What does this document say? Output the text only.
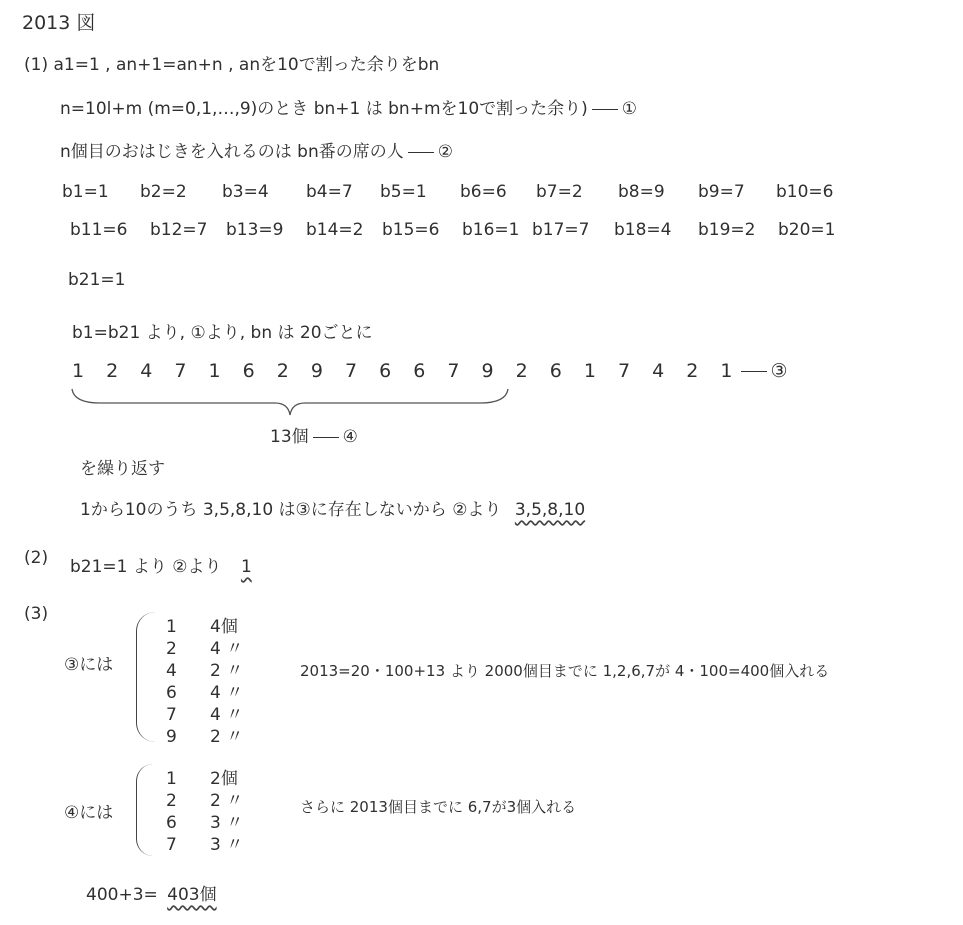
2013 図
(1) a1=1 , an+1=an+n , anを10で割った余りをbn
n=10l+m (m=0,1,…,9)のとき bn+1 は bn+mを10で割った余り) ①
n個目のおはじきを入れるのは bn番の席の人 ②
b1=1 b2=2 b3=4 b4=7 b5=1 b6=6 b7=2 b8=9 b9=7 b10=6
b11=6 b12=7 b13=9 b14=2 b15=6 b16=1 b17=7 b18=4 b19=2 b20=1
b21=1
b1=b21 より, ①より, bn は 20ごとに
1 2 4 7 1 6 2 9 7 6 6 7 9 2 6 1 7 4 2 1 ③
13個 ④
を繰り返す
1から10のうち 3,5,8,10 は③に存在しないから ②より 3,5,8,10
(2) b21=1 より ②より 1
(3)
③には
1 4個
2 4 〃
4 2 〃
6 4 〃
7 4 〃
9 2 〃
2013=20・100+13 より 2000個目までに 1,2,6,7が 4・100=400個入れる
④には
1 2個
2 2 〃
6 3 〃
7 3 〃
さらに 2013個目までに 6,7が3個入れる
400+3= 403個
